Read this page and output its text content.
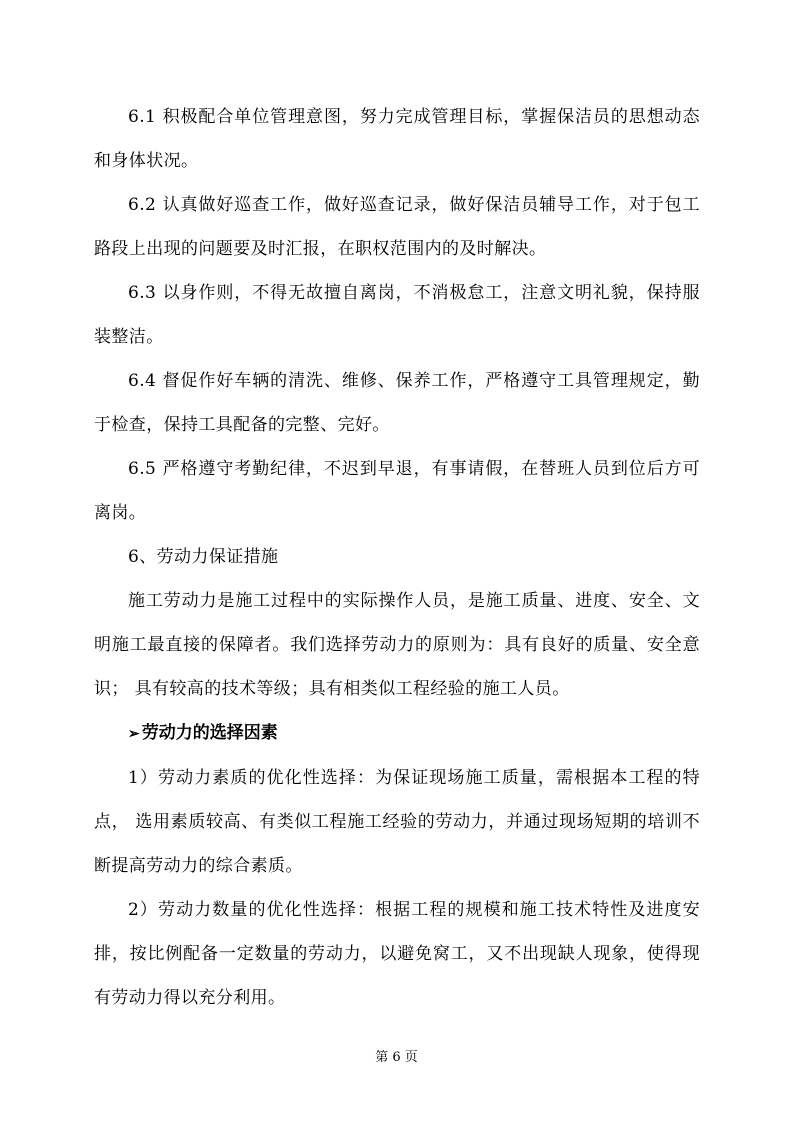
6.1 积极配合单位管理意图，努力完成管理目标，掌握保洁员的思想动态和身体状况。

6.2 认真做好巡查工作，做好巡查记录，做好保洁员辅导工作，对于包工路段上出现的问题要及时汇报，在职权范围内的及时解决。

6.3 以身作则，不得无故擅自离岗，不消极怠工，注意文明礼貌，保持服装整洁。

6.4 督促作好车辆的清洗、维修、保养工作，严格遵守工具管理规定，勤于检查，保持工具配备的完整、完好。

6.5 严格遵守考勤纪律，不迟到早退，有事请假，在替班人员到位后方可离岗。

6、劳动力保证措施

施工劳动力是施工过程中的实际操作人员，是施工质量、进度、安全、文明施工最直接的保障者。我们选择劳动力的原则为：具有良好的质量、安全意识； 具有较高的技术等级；具有相类似工程经验的施工人员。

➢ 劳动力的选择因素

1）劳动力素质的优化性选择：为保证现场施工质量，需根据本工程的特点， 选用素质较高、有类似工程施工经验的劳动力，并通过现场短期的培训不断提高劳动力的综合素质。

2）劳动力数量的优化性选择：根据工程的规模和施工技术特性及进度安排，按比例配备一定数量的劳动力，以避免窝工，又不出现缺人现象，使得现有劳动力得以充分利用。

第 6 页
